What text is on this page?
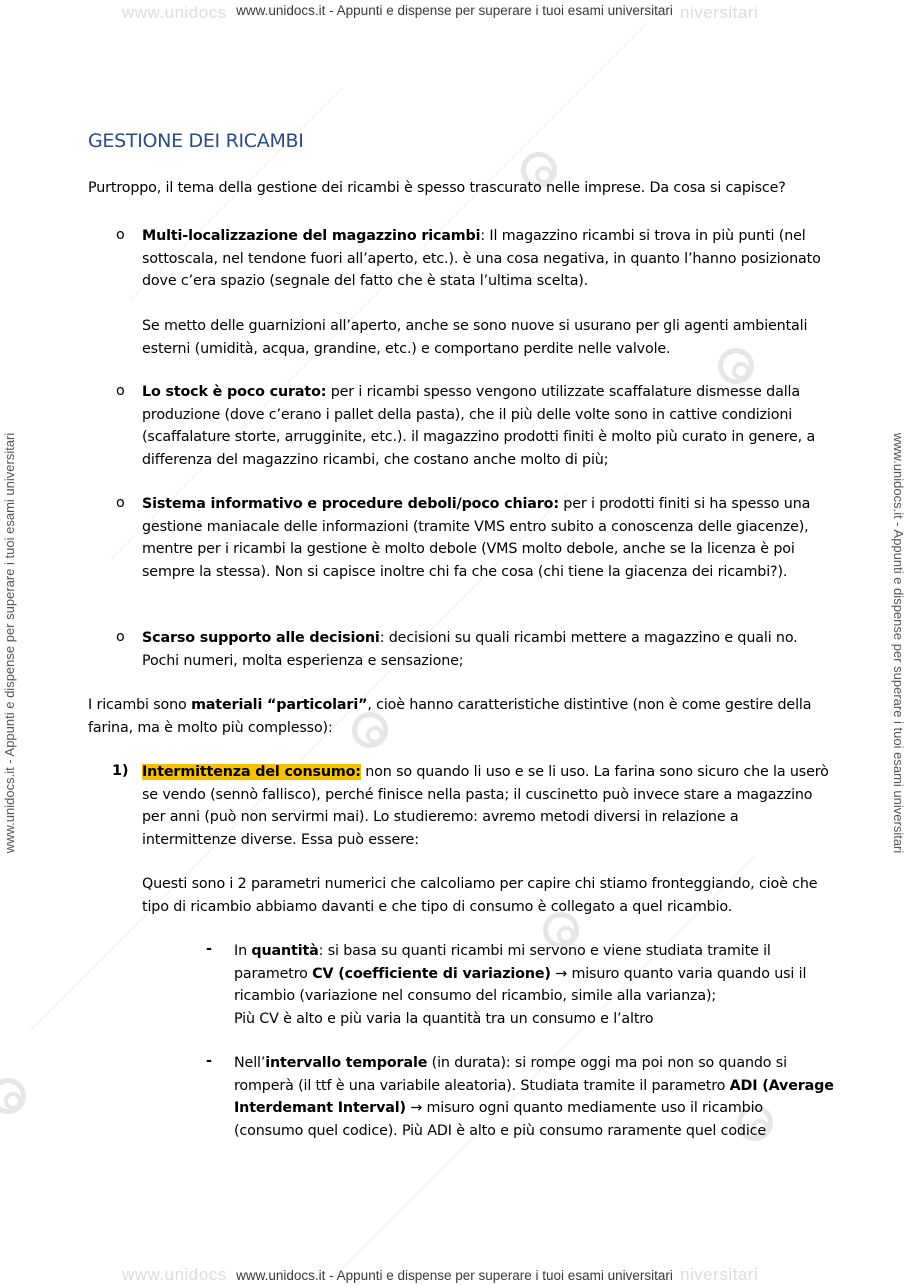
www.unidocs	niversitari
www.unidocs.it - Appunti e dispense per superare i tuoi esami universitari
www.unidocs	niversitari
www.unidocs.it - Appunti e dispense per superare i tuoi esami universitari
www.unidocs.it - Appunti e dispense per superare i tuoi esami universitari	www.unidocs.it - Appunti e dispense per superare i tuoi esami universitari
GESTIONE DEI RICAMBI

Purtroppo, il tema della gestione dei ricambi è spesso trascurato nelle imprese. Da cosa si capisce?

o Multi-localizzazione del magazzino ricambi: Il magazzino ricambi si trova in più punti (nel sottoscala, nel tendone fuori all’aperto, etc.). è una cosa negativa, in quanto l’hanno posizionato dove c’era spazio (segnale del fatto che è stata l’ultima scelta).

Se metto delle guarnizioni all’aperto, anche se sono nuove si usurano per gli agenti ambientali esterni (umidità, acqua, grandine, etc.) e comportano perdite nelle valvole.

o Lo stock è poco curato: per i ricambi spesso vengono utilizzate scaffalature dismesse dalla produzione (dove c’erano i pallet della pasta), che il più delle volte sono in cattive condizioni (scaffalature storte, arrugginite, etc.). il magazzino prodotti finiti è molto più curato in genere, a differenza del magazzino ricambi, che costano anche molto di più;

o Sistema informativo e procedure deboli/poco chiaro: per i prodotti finiti si ha spesso una gestione maniacale delle informazioni (tramite VMS entro subito a conoscenza delle giacenze), mentre per i ricambi la gestione è molto debole (VMS molto debole, anche se la licenza è poi sempre la stessa). Non si capisce inoltre chi fa che cosa (chi tiene la giacenza dei ricambi?).

o Scarso supporto alle decisioni: decisioni su quali ricambi mettere a magazzino e quali no. Pochi numeri, molta esperienza e sensazione;

I ricambi sono materiali “particolari”, cioè hanno caratteristiche distintive (non è come gestire della farina, ma è molto più complesso):

1) Intermittenza del consumo: non so quando li uso e se li uso. La farina sono sicuro che la userò se vendo (sennò fallisco), perché finisce nella pasta; il cuscinetto può invece stare a magazzino per anni (può non servirmi mai). Lo studieremo: avremo metodi diversi in relazione a intermittenze diverse. Essa può essere:

Questi sono i 2 parametri numerici che calcoliamo per capire chi stiamo fronteggiando, cioè che tipo di ricambio abbiamo davanti e che tipo di consumo è collegato a quel ricambio.

- In quantità: si basa su quanti ricambi mi servono e viene studiata tramite il parametro CV (coefficiente di variazione) → misuro quanto varia quando usi il ricambio (variazione nel consumo del ricambio, simile alla varianza);
Più CV è alto e più varia la quantità tra un consumo e l’altro

- Nell’intervallo temporale (in durata): si rompe oggi ma poi non so quando si romperà (il ttf è una variabile aleatoria). Studiata tramite il parametro ADI (Average Interdemant Interval) → misuro ogni quanto mediamente uso il ricambio (consumo quel codice). Più ADI è alto e più consumo raramente quel codice
